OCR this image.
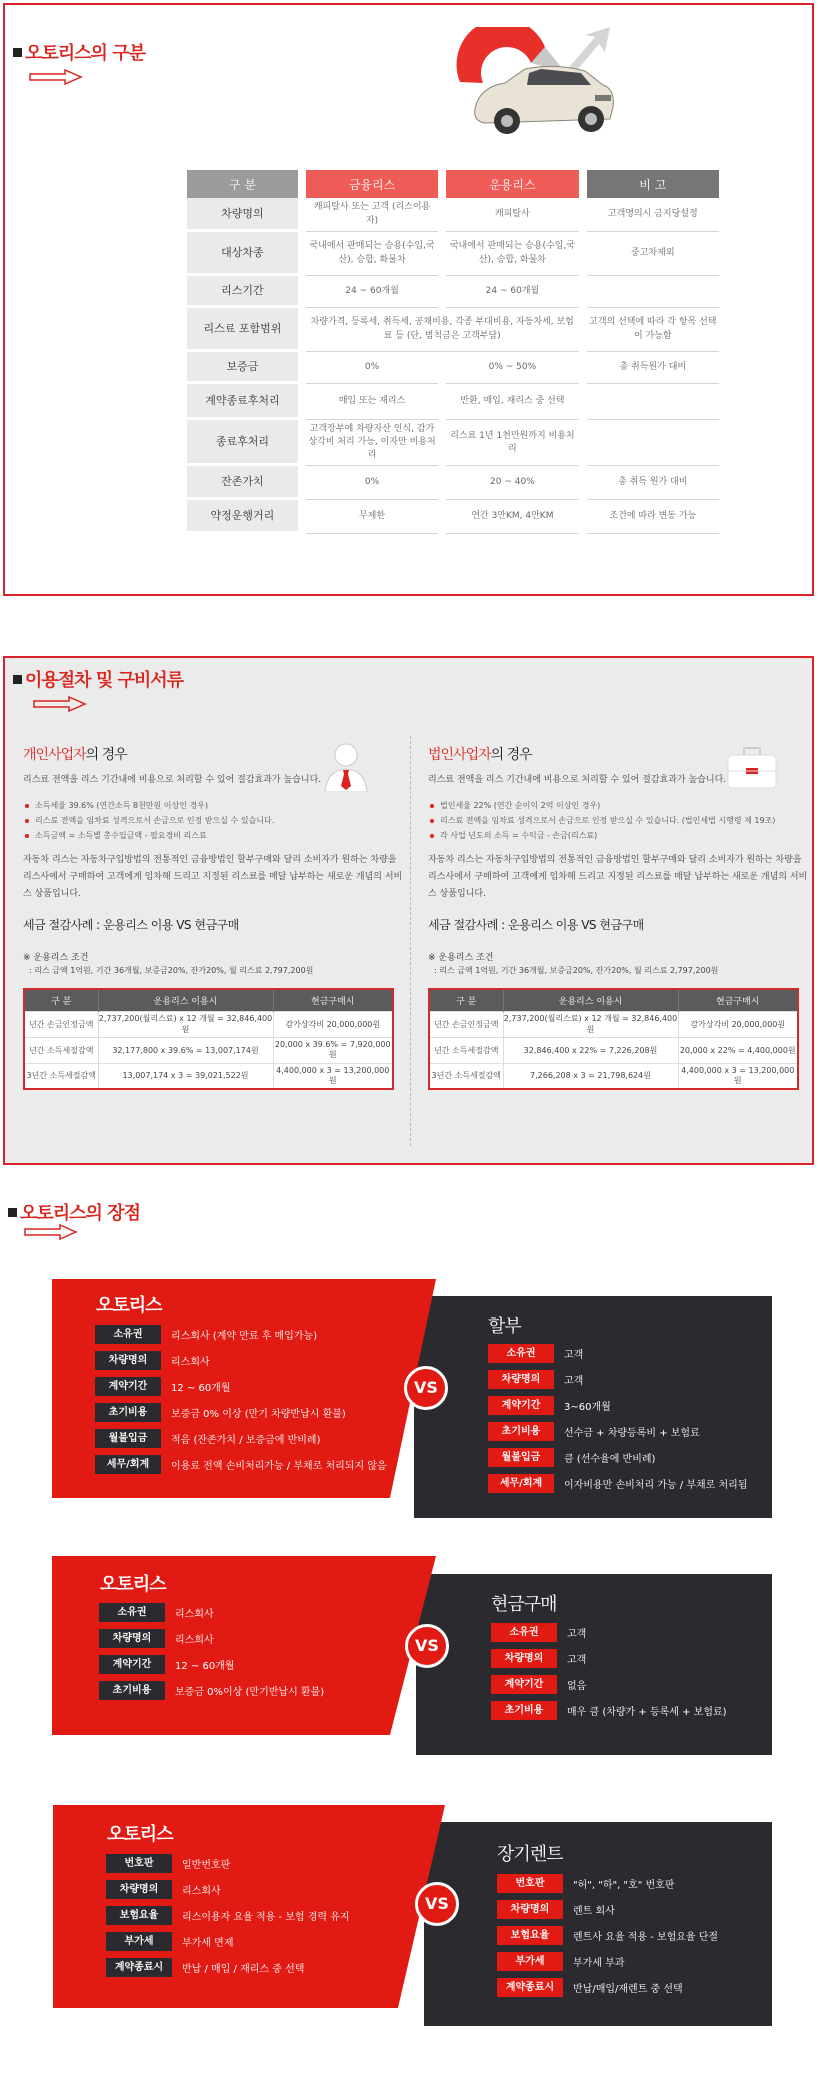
오토리스의 구분
구 분	금융리스	운용리스	비 고
차량명의	캐피탈사 또는 고객 (리스이용자)	캐피탈사	고객명의시 금지당설정
대상차종	국내에서 판매되는 승용(수입,국산), 승합, 화물차	국내에서 판매되는 승용(수입,국산), 승합, 화물차	중고차제외
리스기간	24 ~ 60개월	24 ~ 60개월	
리스료 포함범위	차량가격, 등록세, 취득세, 공채비용, 각종 부대비용, 자동차세, 보험료 등 (단, 범칙금은 고객부담)		고객의 선택에 따라 각 항목 선택이 가능함
보증금	0%	0% ~ 50%	총 취득원가 대비
계약종료후처리	매입 또는 재리스	반환, 매입, 재리스 중 선택	
종료후처리	고객장부에 차량자산 인식, 감가상각비 처리 가능, 이자만 비용처리	리스료 1년 1천만원까지 비용처리	
잔존가치	0%	20 ~ 40%	총 취득 원가 대비
약정운행거리	무제한	연간 3만KM, 4만KM	조건에 따라 변동 가능
이용절차 및 구비서류
개인사업자의 경우
리스료 전액을 리스 기간내에 비용으로 처리할 수 있어 절감효과가 높습니다.
소득세율 39.6% (연간소득 8천만원 이상인 경우)
리스료 전액을 임차료 성격으로서 손금으로 인정 받으실 수 있습니다.
소득금액 = 소득별 총수입금액 - 필요경비 리스료
자동차 리스는 자동차구입방법의 전통적인 금융방법인 할부구매와 달리 소비자가 원하는 차량을 리스사에서 구매하여 고객에게 임차해 드리고 지정된 리스료를 매달 납부하는 새로운 개념의 서비스 상품입니다.
세금 절감사례 : 운용리스 이용 VS 현금구매
※ 운용리스 조건
: 리스 금액 1억원, 기간 36개월, 보증금20%, 잔가20%, 월 리스료 2,797,200원
구 분	운용리스 이용시	현금구매시
년간 손금인정금액	2,737,200(월리스료) x 12 개월 = 32,846,400원	감가상각비 20,000,000원
년간 소득세절감액	32,177,800 x 39.6% = 13,007,174원	20,000 x 39.6% = 7,920,000원
3년간 소득세절감액	13,007,174 x 3 = 39,021,522원	4,400,000 x 3 = 13,200,000원
법인사업자의 경우
리스료 전액을 리스 기간내에 비용으로 처리할 수 있어 절감효과가 높습니다.
법인세율 22% (연간 순이익 2억 이상인 경우)
리스료 전액을 임차료 성격으로서 손금으로 인정 받으실 수 있습니다. (법인세법 시행령 제 19조)
각 사업 년도의 소득 = 수익금 - 손금(리스료)
자동차 리스는 자동차구입방법의 전통적인 금융방법인 할부구매와 달리 소비자가 원하는 차량을 리스사에서 구매하여 고객에게 임차해 드리고 지정된 리스료를 매달 납부하는 새로운 개념의 서비스 상품입니다.
세금 절감사례 : 운용리스 이용 VS 현금구매
※ 운용리스 조건
: 리스 금액 1억원, 기간 36개월, 보증금20%, 잔가20%, 월 리스료 2,797,200원
구 분	운용리스 이용시	현금구매시
년간 손금인정금액	2,737,200(월리스료) x 12 개월 = 32,846,400원	감가상각비 20,000,000원
년간 소득세절감액	32,846,400 x 22% = 7,226,208원	20,000 x 22% = 4,400,000원
3년간 소득세절감액	7,266,208 x 3 = 21,798,624원	4,400,000 x 3 = 13,200,000원
오토리스의 장점
오토리스
소유권	리스회사 (계약 만료 후 매입가능)
차량명의	리스회사
계약기간	12 ~ 60개월
초기비용	보증금 0% 이상 (만기 차량반납시 환불)
월불입금	적음 (잔존가치 / 보증금에 반비례)
세무/회계	이용료 전액 손비처리가능 / 부채로 처리되지 않음
할부
소유권	고객
차량명의	고객
계약기간	3~60개월
초기비용	선수금 + 차량등록비 + 보험료
월불입금	큼 (선수율에 반비례)
세무/회계	이자비용만 손비처리 가능 / 부채로 처리됨
VS
오토리스
소유권	리스회사
차량명의	리스회사
계약기간	12 ~ 60개월
초기비용	보증금 0%이상 (만기반납시 환불)
현금구매
소유권	고객
차량명의	고객
계약기간	없음
초기비용	매우 큼 (차량가 + 등록세 + 보험료)
VS
오토리스
번호판	일반번호판
차량명의	리스회사
보험요율	리스이용자 요율 적용 - 보험 경력 유지
부가세	부가세 면제
계약종료시	반납 / 매입 / 재리스 중 선택
장기렌트
번호판	"허", "하", "호" 번호판
차량명의	렌트 회사
보험요율	렌트사 요율 적용 - 보험요율 단절
부가세	부가세 부과
계약종료시	반납/매입/재렌트 중 선택
VS
